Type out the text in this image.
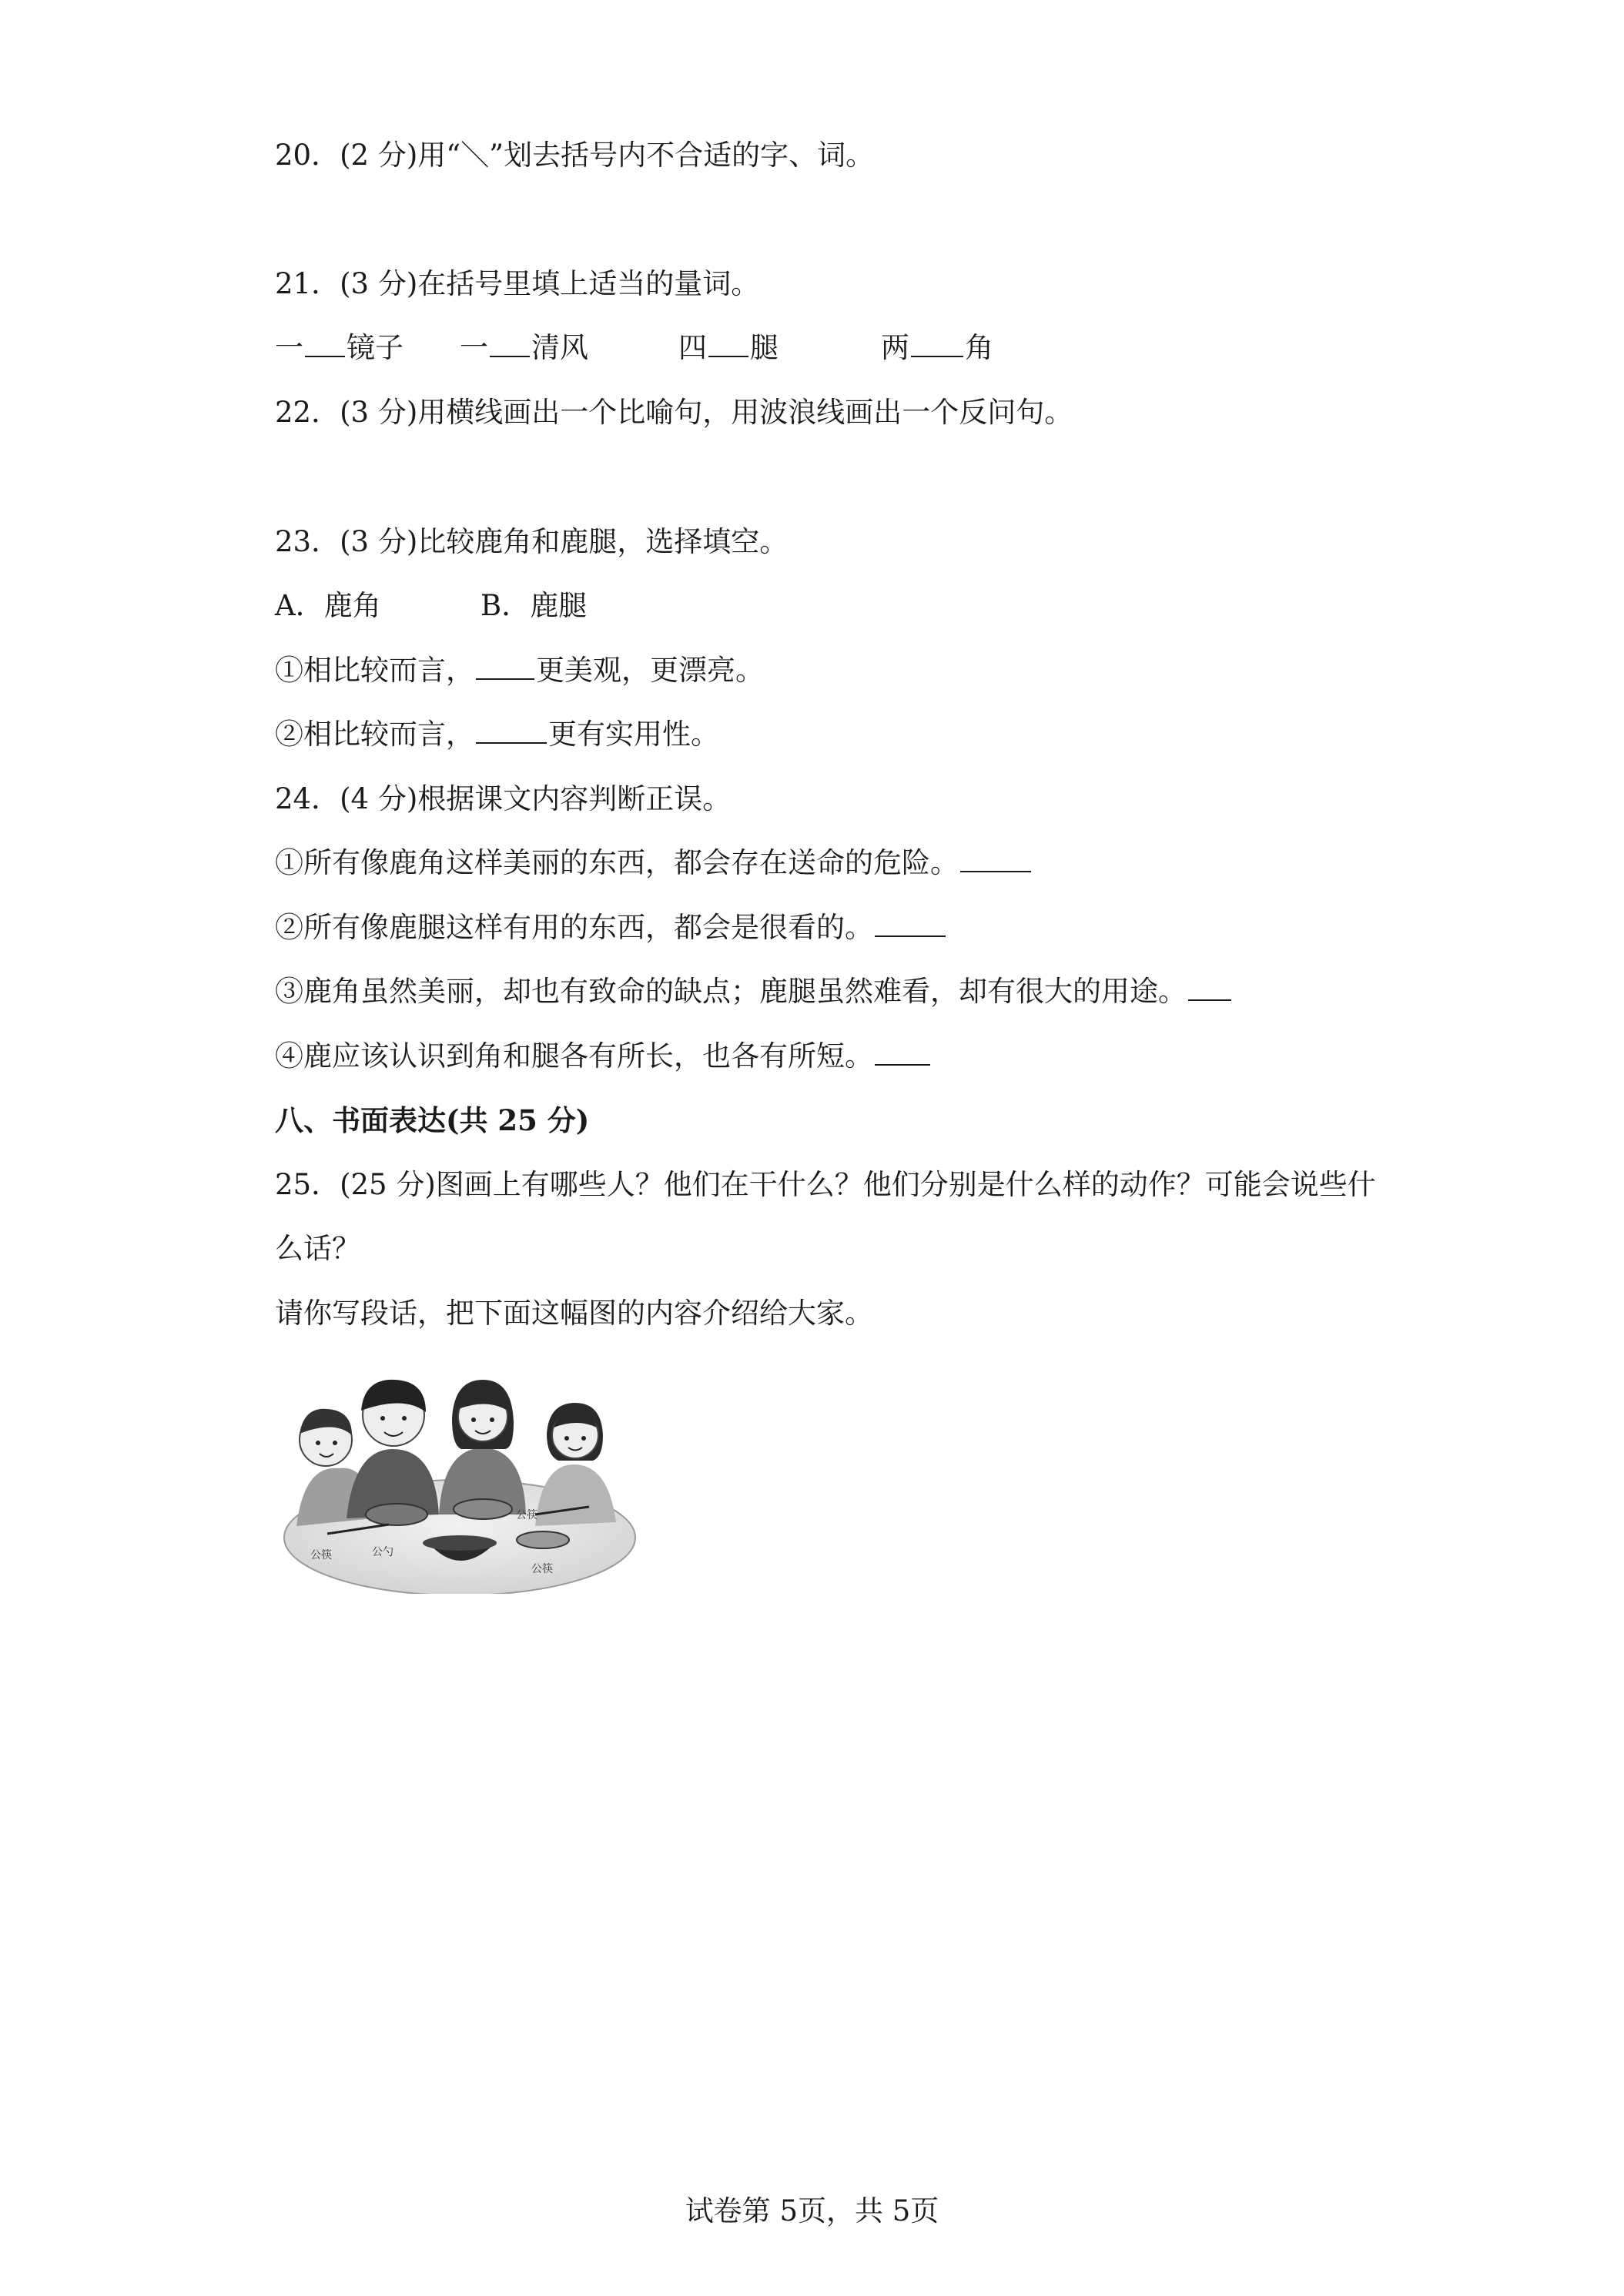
20．(2 分)用“＼”划去括号内不合适的字、词。
21．(3 分)在括号里填上适当的量词。
一 镜子 一 清风	四 腿	两 角
22．(3 分)用横线画出一个比喻句，用波浪线画出一个反问句。
23．(3 分)比较鹿角和鹿腿，选择填空。
A．鹿角	B．鹿腿
①相比较而言， 更美观，更漂亮。
②相比较而言，	更有实用性。
24．(4 分)根据课文内容判断正误。
①所有像鹿角这样美丽的东西，都会存在送命的危险。
②所有像鹿腿这样有用的东西，都会是很看的。
③鹿角虽然美丽，却也有致命的缺点；鹿腿虽然难看，却有很大的用途。
④鹿应该认识到角和腿各有所长，也各有所短。
八、书面表达(共 25 分)
25．(25 分)图画上有哪些人？他们在干什么？他们分别是什么样的动作？可能会说些什
么话？
请你写段话，把下面这幅图的内容介绍给大家。
公筷	公勺
公筷
公筷
试卷第 5页，共 5页
